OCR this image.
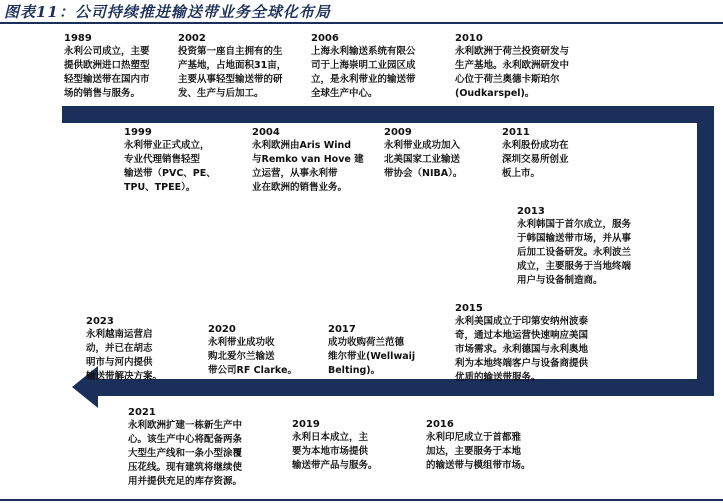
图表11：公司持续推进输送带业务全球化布局
1989
永利公司成立，主要
提供欧洲进口热塑型
轻型输送带在国内市
场的销售与服务。
2002
投资第一座自主拥有的生
产基地，占地面积31亩，
主要从事轻型输送带的研
发、生产与后加工。
2006
上海永利输送系统有限公
司于上海崇明工业园区成
立，是永利带业的输送带
全球生产中心。
2010
永利欧洲于荷兰投资研发与
生产基地。永利欧洲研发中
心位于荷兰奥德卡斯珀尔
(Oudkarspel)。
1999
永利带业正式成立，
专业代理销售轻型
输送带（PVC、PE、
TPU、TPEE）。
2004
永利欧洲由Aris Wind
与Remko van Hove 建
立运营，从事永利带
业在欧洲的销售业务。
2009
永利带业成功加入
北美国家工业输送
带协会（NIBA）。
2011
永利股份成功在
深圳交易所创业
板上市。
2013
永利韩国于首尔成立，服务
于韩国输送带市场，并从事
后加工设备研发。永利波兰
成立，主要服务于当地终端
用户与设备制造商。
2015
永利美国成立于印第安纳州波泰
奇，通过本地运营快速响应美国
市场需求。永利德国与永利奥地
利为本地终端客户与设备商提供
优质的输送带服务。
2017
成功收购荷兰范德
维尔带业(Wellwaij
Belting)。
2020
永利带业成功收
购北爱尔兰输送
带公司RF Clarke。
2023
永利越南运营启
动，并已在胡志
明市与河内提供
输送带解决方案。
2021
永利欧洲扩建一栋新生产中
心。该生产中心将配备两条
大型生产线和一条小型涂覆
压花线。现有建筑将继续使
用并提供充足的库存资源。
2019
永利日本成立，主
要为本地市场提供
输送带产品与服务。
2016
永利印尼成立于首都雅
加达，主要服务于本地
的输送带与模组带市场。
